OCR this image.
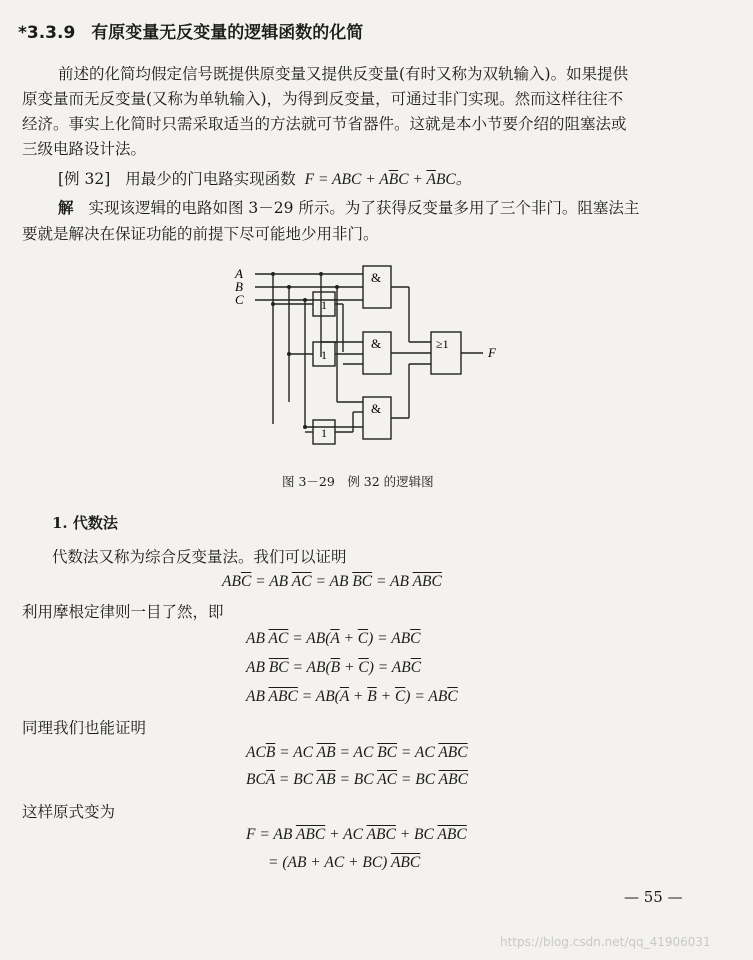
*3.3.9 有原变量无反变量的逻辑函数的化简
前述的化简均假定信号既提供原变量又提供反变量(有时又称为双轨输入)。如果提供
原变量而无反变量(又称为单轨输入)，为得到反变量，可通过非门实现。然而这样往往不
经济。事实上化简时只需采取适当的方法就可节省器件。这就是本小节要介绍的阻塞法或
三级电路设计法。
[例 32] 用最少的门电路实现函数 F = ABC + $A\overline{B}C + \overline{A}BC$。
解 实现该逻辑的电路如图 3－29 所示。为了获得反变量多用了三个非门。阻塞法主
要就是解决在保证功能的前提下尽可能地少用非门。
A
B
C
&
&
&
1
1
1
≥1
F
图 3－29　例 32 的逻辑图
1. 代数法
代数法又称为综合反变量法。我们可以证明
$AB\overline{C}$ = AB $\overline{AC}$ = AB $\overline{BC}$ = AB $\overline{ABC}$
利用摩根定律则一目了然，即
AB $\overline{AC} = AB(\overline{A} + \overline{C}) = AB\overline{C}$
AB $\overline{BC} = AB(\overline{B} + \overline{C}) = AB\overline{C}$
AB $\overline{ABC} = AB(\overline{A} + \overline{B} + \overline{C}) = AB\overline{C}$
同理我们也能证明
$AC\overline{B}$ = AC $\overline{AB}$ = AC $\overline{BC}$ = AC $\overline{ABC}$
$BC\overline{A}$ = BC $\overline{AB}$ = BC $\overline{AC}$ = BC $\overline{ABC}$
这样原式变为
F = AB $\overline{ABC}$ + AC $\overline{ABC}$ + BC $\overline{ABC}$
= (AB + AC + BC) $\overline{ABC}$
— 55 —
https://blog.csdn.net/qq_41906031
